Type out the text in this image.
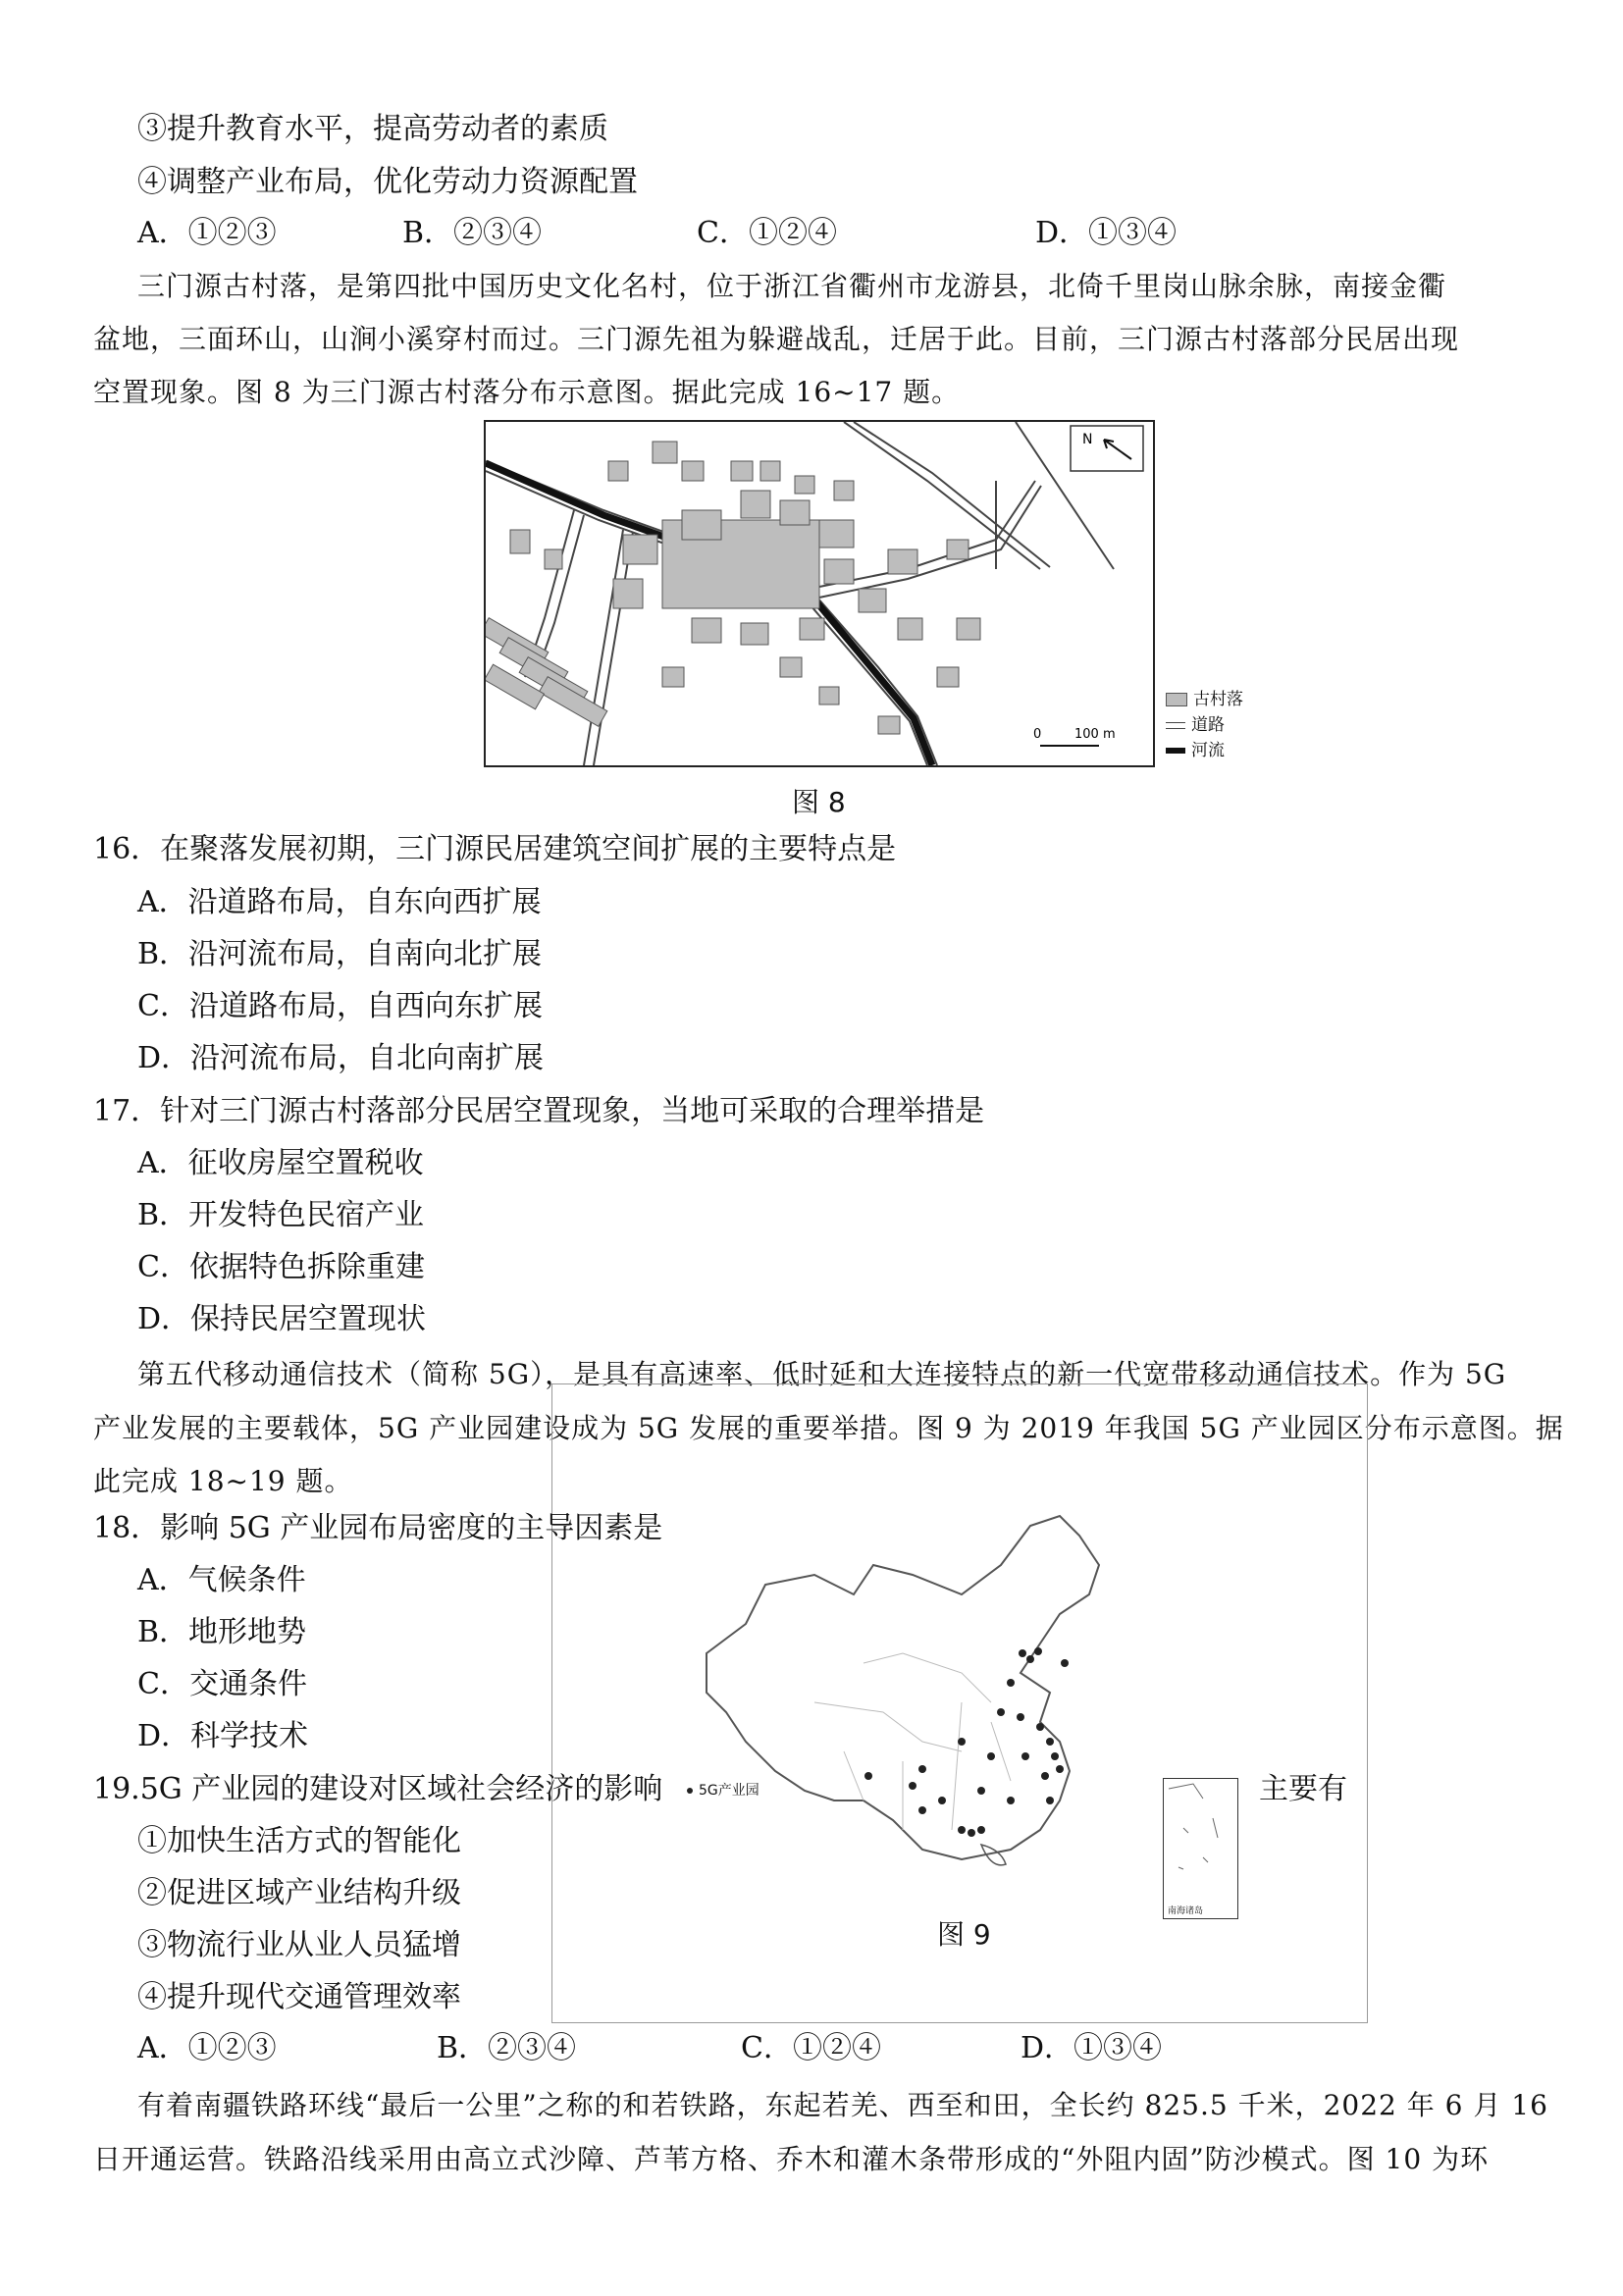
③提升教育水平，提高劳动者的素质
④调整产业布局，优化劳动力资源配置
A．①②③	B．②③④	C．①②④	D．①③④
三门源古村落，是第四批中国历史文化名村，位于浙江省衢州市龙游县，北倚千里岗山脉余脉，南接金衢
盆地，三面环山，山涧小溪穿村而过。三门源先祖为躲避战乱，迁居于此。目前，三门源古村落部分民居出现
空置现象。图 8 为三门源古村落分布示意图。据此完成 16~17 题。
N
0	100 m
古村落
道路
河流
图 8
16．在聚落发展初期，三门源民居建筑空间扩展的主要特点是
A．沿道路布局，自东向西扩展
B．沿河流布局，自南向北扩展
C．沿道路布局，自西向东扩展
D．沿河流布局，自北向南扩展
17．针对三门源古村落部分民居空置现象，当地可采取的合理举措是
A．征收房屋空置税收
B．开发特色民宿产业
C．依据特色拆除重建
D．保持民居空置现状
第五代移动通信技术（简称 5G），是具有高速率、低时延和大连接特点的新一代宽带移动通信技术。作为 5G
产业发展的主要载体，5G 产业园建设成为 5G 发展的重要举措。图 9 为 2019 年我国 5G 产业园区分布示意图。据
此完成 18~19 题。
5G产业园
南海诸岛
图 9
18．影响 5G 产业园布局密度的主导因素是
A．气候条件
B．地形地势
C．交通条件
D．科学技术
19.5G 产业园的建设对区域社会经济的影响	主要有
①加快生活方式的智能化
②促进区域产业结构升级
③物流行业从业人员猛增
④提升现代交通管理效率
A．①②③	B．②③④	C．①②④	D．①③④
有着南疆铁路环线“最后一公里”之称的和若铁路，东起若羌、西至和田，全长约 825.5 千米，2022 年 6 月 16
日开通运营。铁路沿线采用由高立式沙障、芦苇方格、乔木和灌木条带形成的“外阻内固”防沙模式。图 10 为环
